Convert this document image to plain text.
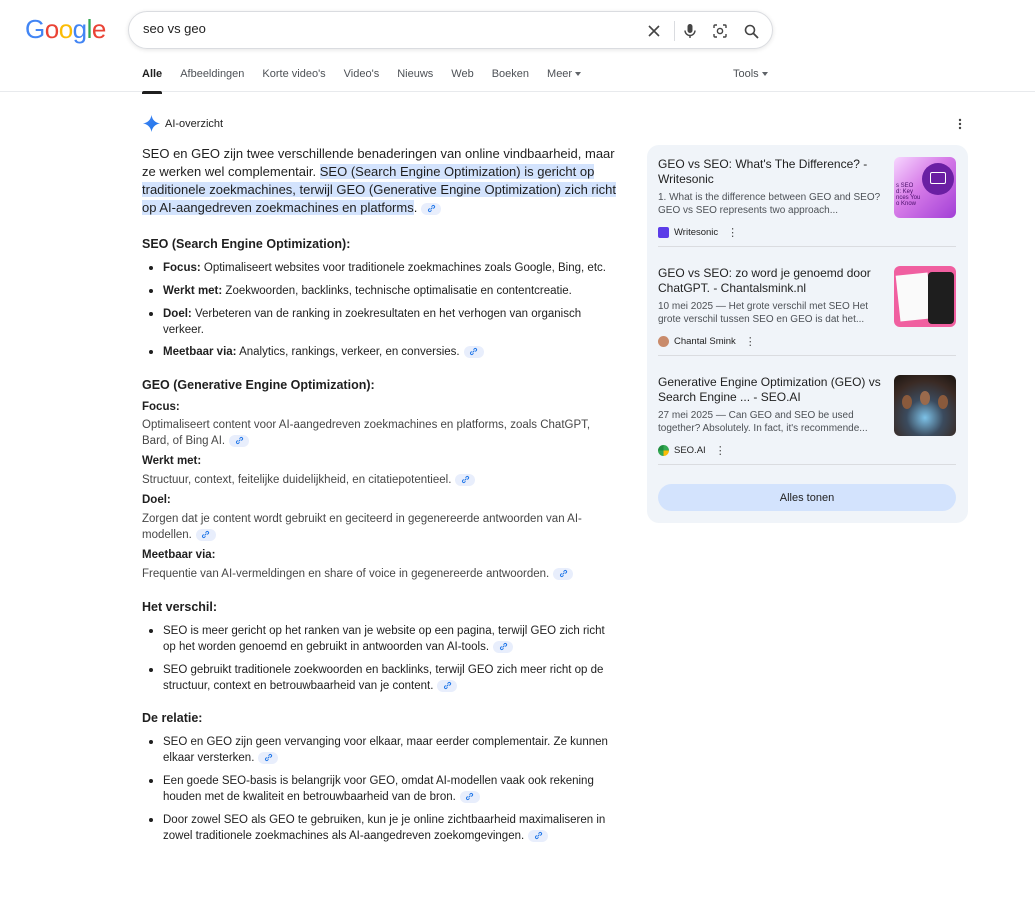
Google
seo vs geo
Alle Afbeeldingen Korte video's Video's Nieuws Web Boeken Meer	Tools
AI-overzicht

SEO en GEO zijn twee verschillende benaderingen van online vindbaarheid, maar ze werken wel complementair. SEO (Search Engine Optimization) is gericht op traditionele zoekmachines, terwijl GEO (Generative Engine Optimization) zich richt op AI-aangedreven zoekmachines en platforms.

SEO (Search Engine Optimization):
Focus: Optimaliseert websites voor traditionele zoekmachines zoals Google, Bing, etc.
Werkt met: Zoekwoorden, backlinks, technische optimalisatie en contentcreatie.
Doel: Verbeteren van de ranking in zoekresultaten en het verhogen van organisch verkeer.
Meetbaar via: Analytics, rankings, verkeer, en conversies.
GEO (Generative Engine Optimization):
Focus:
Optimaliseert content voor AI-aangedreven zoekmachines en platforms, zoals ChatGPT, Bard, of Bing AI.
Werkt met:
Structuur, context, feitelijke duidelijkheid, en citatiepotentieel.
Doel:
Zorgen dat je content wordt gebruikt en geciteerd in gegenereerde antwoorden van AI-modellen.
Meetbaar via:
Frequentie van AI-vermeldingen en share of voice in gegenereerde antwoorden.
Het verschil:
SEO is meer gericht op het ranken van je website op een pagina, terwijl GEO zich richt op het worden genoemd en gebruikt in antwoorden van AI-tools.
SEO gebruikt traditionele zoekwoorden en backlinks, terwijl GEO zich meer richt op de structuur, context en betrouwbaarheid van je content.
De relatie:
SEO en GEO zijn geen vervanging voor elkaar, maar eerder complementair. Ze kunnen elkaar versterken.
Een goede SEO-basis is belangrijk voor GEO, omdat AI-modellen vaak ook rekening houden met de kwaliteit en betrouwbaarheid van de bron.
Door zowel SEO als GEO te gebruiken, kun je je online zichtbaarheid maximaliseren in zowel traditionele zoekmachines als AI-aangedreven zoekomgevingen.
GEO vs SEO: What's The Difference? - Writesonic
1. What is the difference between GEO and SEO? GEO vs SEO represents two approach...
Writesonic ⋮
s SEO
d: Key
nces You
o Know
GEO vs SEO: zo word je genoemd door ChatGPT. - Chantalsmink.nl
10 mei 2025 — Het grote verschil met SEO Het grote verschil tussen SEO en GEO is dat het...
Chantal Smink ⋮
Generative Engine Optimization (GEO) vs Search Engine ... - SEO.AI
27 mei 2025 — Can GEO and SEO be used together? Absolutely. In fact, it's recommende...
SEO.AI ⋮
Alles tonen
